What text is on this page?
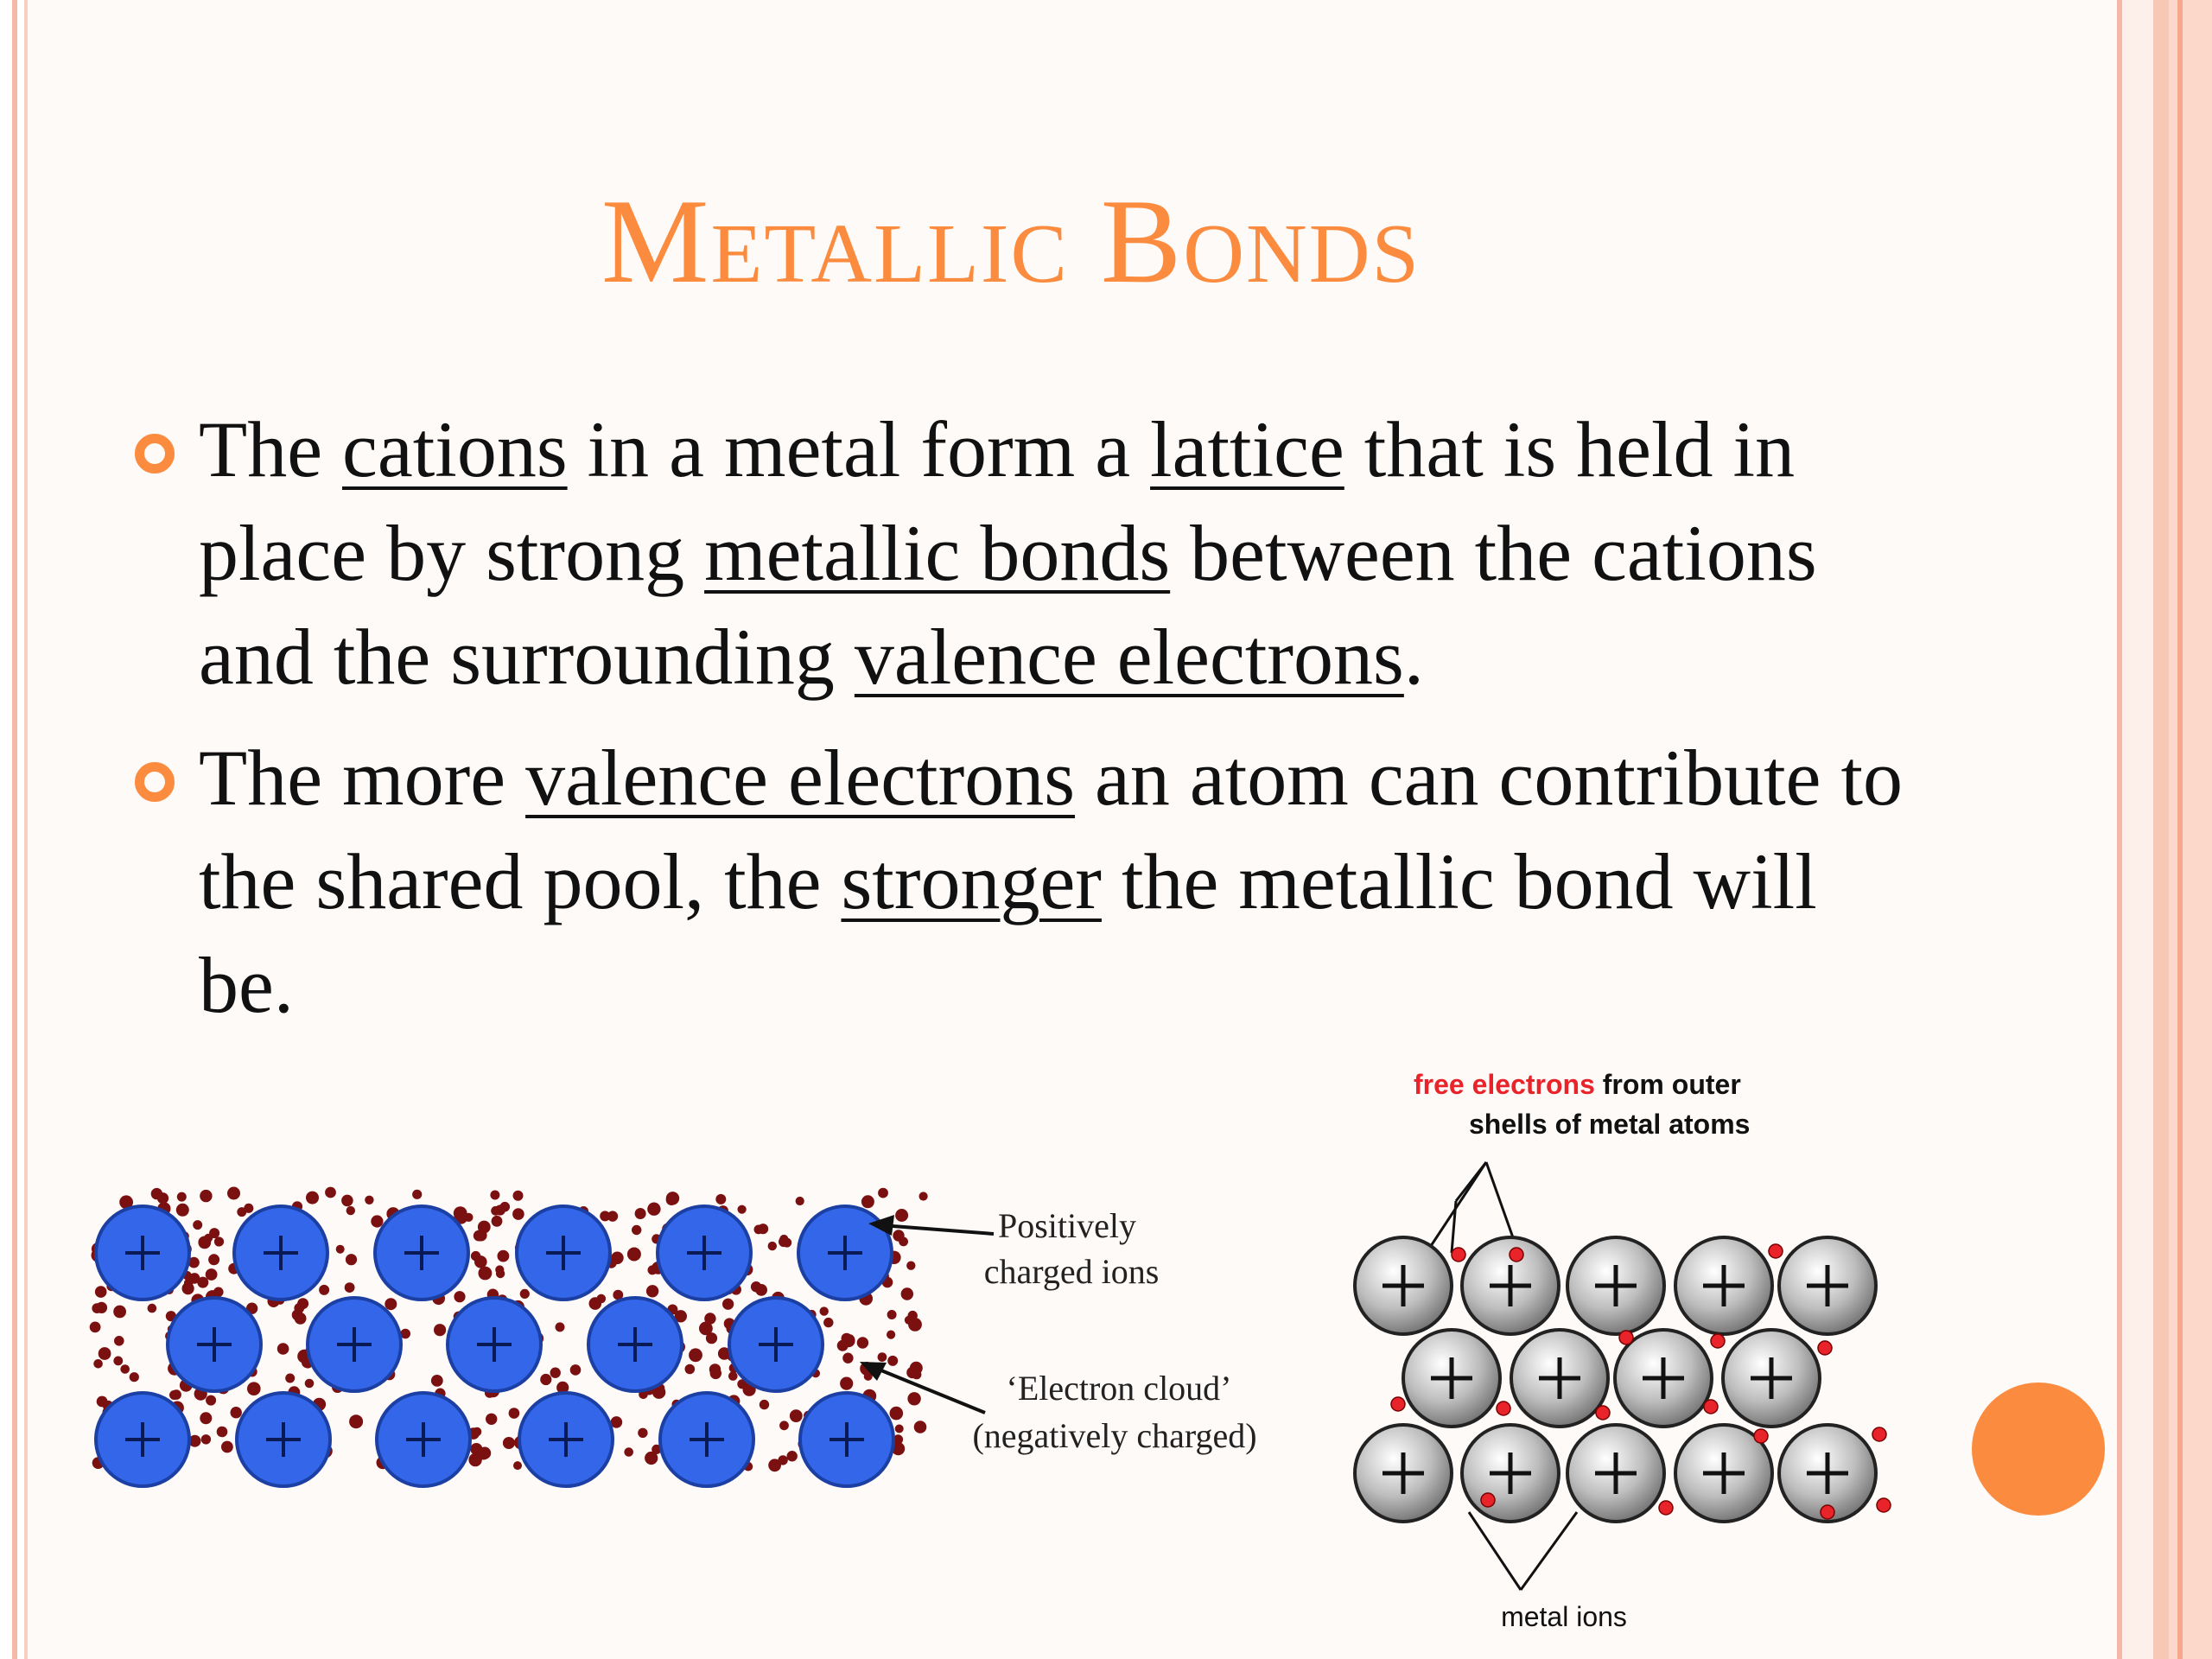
Metallic Bonds
The cations in a metal form a lattice that is held in place by strong metallic bonds between the cations and the surrounding valence electrons.
The more valence electrons an atom can contribute to the shared pool, the stronger the metallic bond will be.
Positively
charged ions
‘Electron cloud’
(negatively charged)
free electrons from outer
shells of metal atoms
metal ions
